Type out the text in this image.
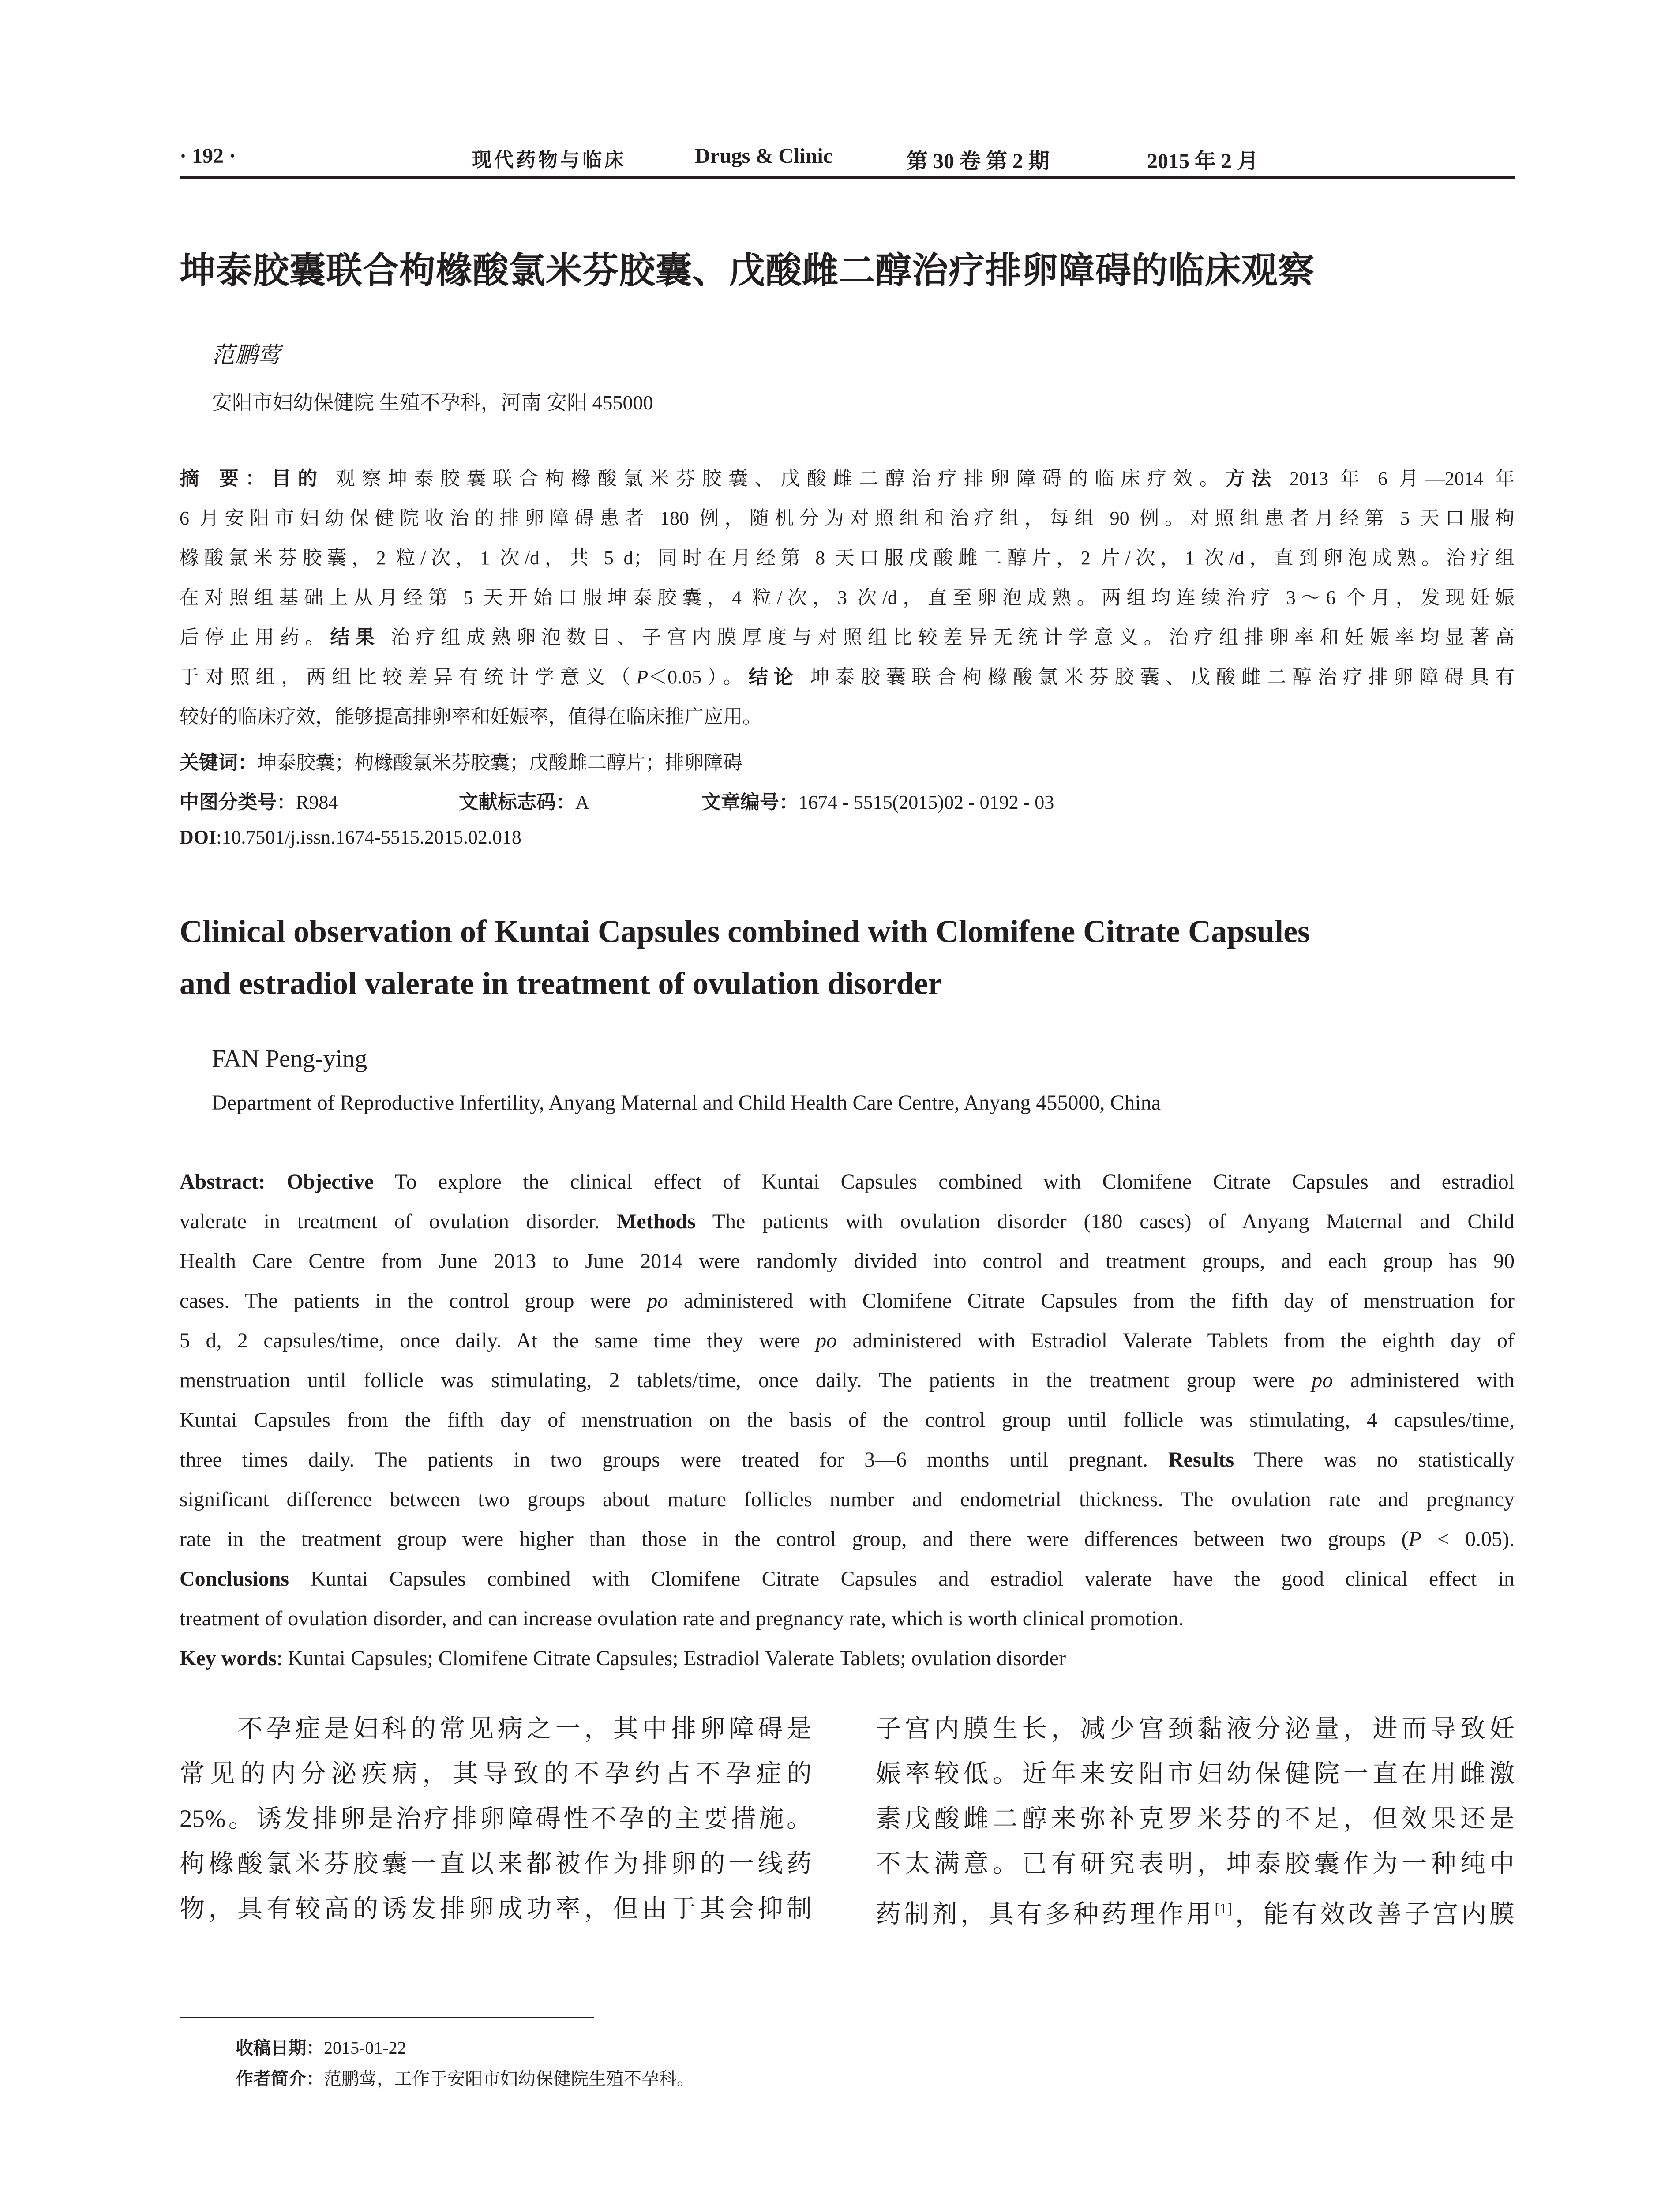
· 192 ·	现代药物与临床	Drugs & Clinic	第 30 卷 第 2 期	2015 年 2 月
坤泰胶囊联合枸橼酸氯米芬胶囊、戊酸雌二醇治疗排卵障碍的临床观察
范鹏莺
安阳市妇幼保健院 生殖不孕科，河南 安阳 455000
摘 要：目的 观察坤泰胶囊联合枸橼酸氯米芬胶囊、戊酸雌二醇治疗排卵障碍的临床疗效。方法 2013 年 6 月—2014 年
6 月安阳市妇幼保健院收治的排卵障碍患者 180 例，随机分为对照组和治疗组，每组 90 例。对照组患者月经第 5 天口服枸
橼酸氯米芬胶囊，2 粒/次，1 次/d，共 5 d；同时在月经第 8 天口服戊酸雌二醇片，2 片/次，1 次/d，直到卵泡成熟。治疗组
在对照组基础上从月经第 5 天开始口服坤泰胶囊，4 粒/次，3 次/d，直至卵泡成熟。两组均连续治疗 3～6 个月，发现妊娠
后停止用药。结果 治疗组成熟卵泡数目、子宫内膜厚度与对照组比较差异无统计学意义。治疗组排卵率和妊娠率均显著高
于对照组，两组比较差异有统计学意义（P＜0.05）。结论 坤泰胶囊联合枸橼酸氯米芬胶囊、戊酸雌二醇治疗排卵障碍具有
较好的临床疗效，能够提高排卵率和妊娠率，值得在临床推广应用。
关键词：坤泰胶囊；枸橼酸氯米芬胶囊；戊酸雌二醇片；排卵障碍
中图分类号：R984	文献标志码：A	文章编号：1674 - 5515(2015)02 - 0192 - 03
DOI:10.7501/j.issn.1674-5515.2015.02.018
Clinical observation of Kuntai Capsules combined with Clomifene Citrate Capsules
and estradiol valerate in treatment of ovulation disorder
FAN Peng-ying
Department of Reproductive Infertility, Anyang Maternal and Child Health Care Centre, Anyang 455000, China
Abstract: Objective To explore the clinical effect of Kuntai Capsules combined with Clomifene Citrate Capsules and estradiol
valerate in treatment of ovulation disorder. Methods The patients with ovulation disorder (180 cases) of Anyang Maternal and Child
Health Care Centre from June 2013 to June 2014 were randomly divided into control and treatment groups, and each group has 90
cases. The patients in the control group were po administered with Clomifene Citrate Capsules from the fifth day of menstruation for
5 d, 2 capsules/time, once daily. At the same time they were po administered with Estradiol Valerate Tablets from the eighth day of
menstruation until follicle was stimulating, 2 tablets/time, once daily. The patients in the treatment group were po administered with
Kuntai Capsules from the fifth day of menstruation on the basis of the control group until follicle was stimulating, 4 capsules/time,
three times daily. The patients in two groups were treated for 3—6 months until pregnant. Results There was no statistically
significant difference between two groups about mature follicles number and endometrial thickness. The ovulation rate and pregnancy
rate in the treatment group were higher than those in the control group, and there were differences between two groups (P < 0.05).
Conclusions Kuntai Capsules combined with Clomifene Citrate Capsules and estradiol valerate have the good clinical effect in
treatment of ovulation disorder, and can increase ovulation rate and pregnancy rate, which is worth clinical promotion.
Key words: Kuntai Capsules; Clomifene Citrate Capsules; Estradiol Valerate Tablets; ovulation disorder
　　不孕症是妇科的常见病之一，其中排卵障碍是
常见的内分泌疾病，其导致的不孕约占不孕症的
25%。诱发排卵是治疗排卵障碍性不孕的主要措施。
枸橼酸氯米芬胶囊一直以来都被作为排卵的一线药
物，具有较高的诱发排卵成功率，但由于其会抑制
子宫内膜生长，减少宫颈黏液分泌量，进而导致妊
娠率较低。近年来安阳市妇幼保健院一直在用雌激
素戊酸雌二醇来弥补克罗米芬的不足，但效果还是
不太满意。已有研究表明，坤泰胶囊作为一种纯中
药制剂，具有多种药理作用[1]，能有效改善子宫内膜
收稿日期：2015-01-22
作者简介：范鹏莺，工作于安阳市妇幼保健院生殖不孕科。
